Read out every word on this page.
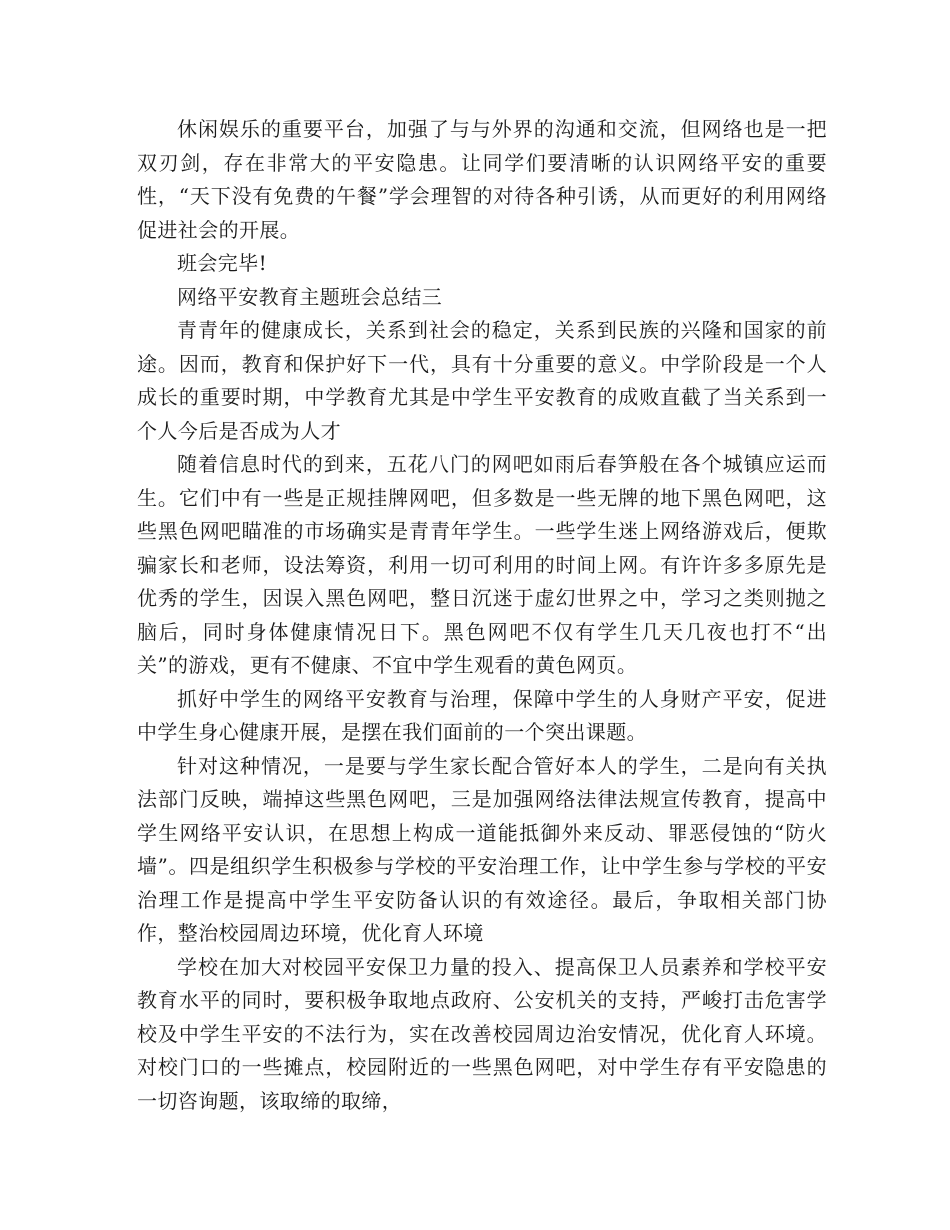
休闲娱乐的重要平台，加强了与与外界的沟通和交流，但网络也是一把双刃剑，存在非常大的平安隐患。让同学们要清晰的认识网络平安的重要性，“天下没有免费的午餐”学会理智的对待各种引诱，从而更好的利用网络促进社会的开展。

班会完毕!

网络平安教育主题班会总结三

青青年的健康成长，关系到社会的稳定，关系到民族的兴隆和国家的前途。因而，教育和保护好下一代，具有十分重要的意义。中学阶段是一个人成长的重要时期，中学教育尤其是中学生平安教育的成败直截了当关系到一个人今后是否成为人才

随着信息时代的到来，五花八门的网吧如雨后春笋般在各个城镇应运而生。它们中有一些是正规挂牌网吧，但多数是一些无牌的地下黑色网吧，这些黑色网吧瞄准的市场确实是青青年学生。一些学生迷上网络游戏后，便欺骗家长和老师，设法筹资，利用一切可利用的时间上网。有许许多多原先是优秀的学生，因误入黑色网吧，整日沉迷于虚幻世界之中，学习之类则抛之脑后，同时身体健康情况日下。黑色网吧不仅有学生几天几夜也打不“出关”的游戏，更有不健康、不宜中学生观看的黄色网页。

抓好中学生的网络平安教育与治理，保障中学生的人身财产平安，促进中学生身心健康开展，是摆在我们面前的一个突出课题。

针对这种情况，一是要与学生家长配合管好本人的学生，二是向有关执法部门反映，端掉这些黑色网吧，三是加强网络法律法规宣传教育，提高中学生网络平安认识，在思想上构成一道能抵御外来反动、罪恶侵蚀的“防火墙”。四是组织学生积极参与学校的平安治理工作，让中学生参与学校的平安治理工作是提高中学生平安防备认识的有效途径。最后，争取相关部门协作，整治校园周边环境，优化育人环境

学校在加大对校园平安保卫力量的投入、提高保卫人员素养和学校平安教育水平的同时，要积极争取地点政府、公安机关的支持，严峻打击危害学校及中学生平安的不法行为，实在改善校园周边治安情况，优化育人环境。对校门口的一些摊点，校园附近的一些黑色网吧，对中学生存有平安隐患的一切咨询题，该取缔的取缔，
